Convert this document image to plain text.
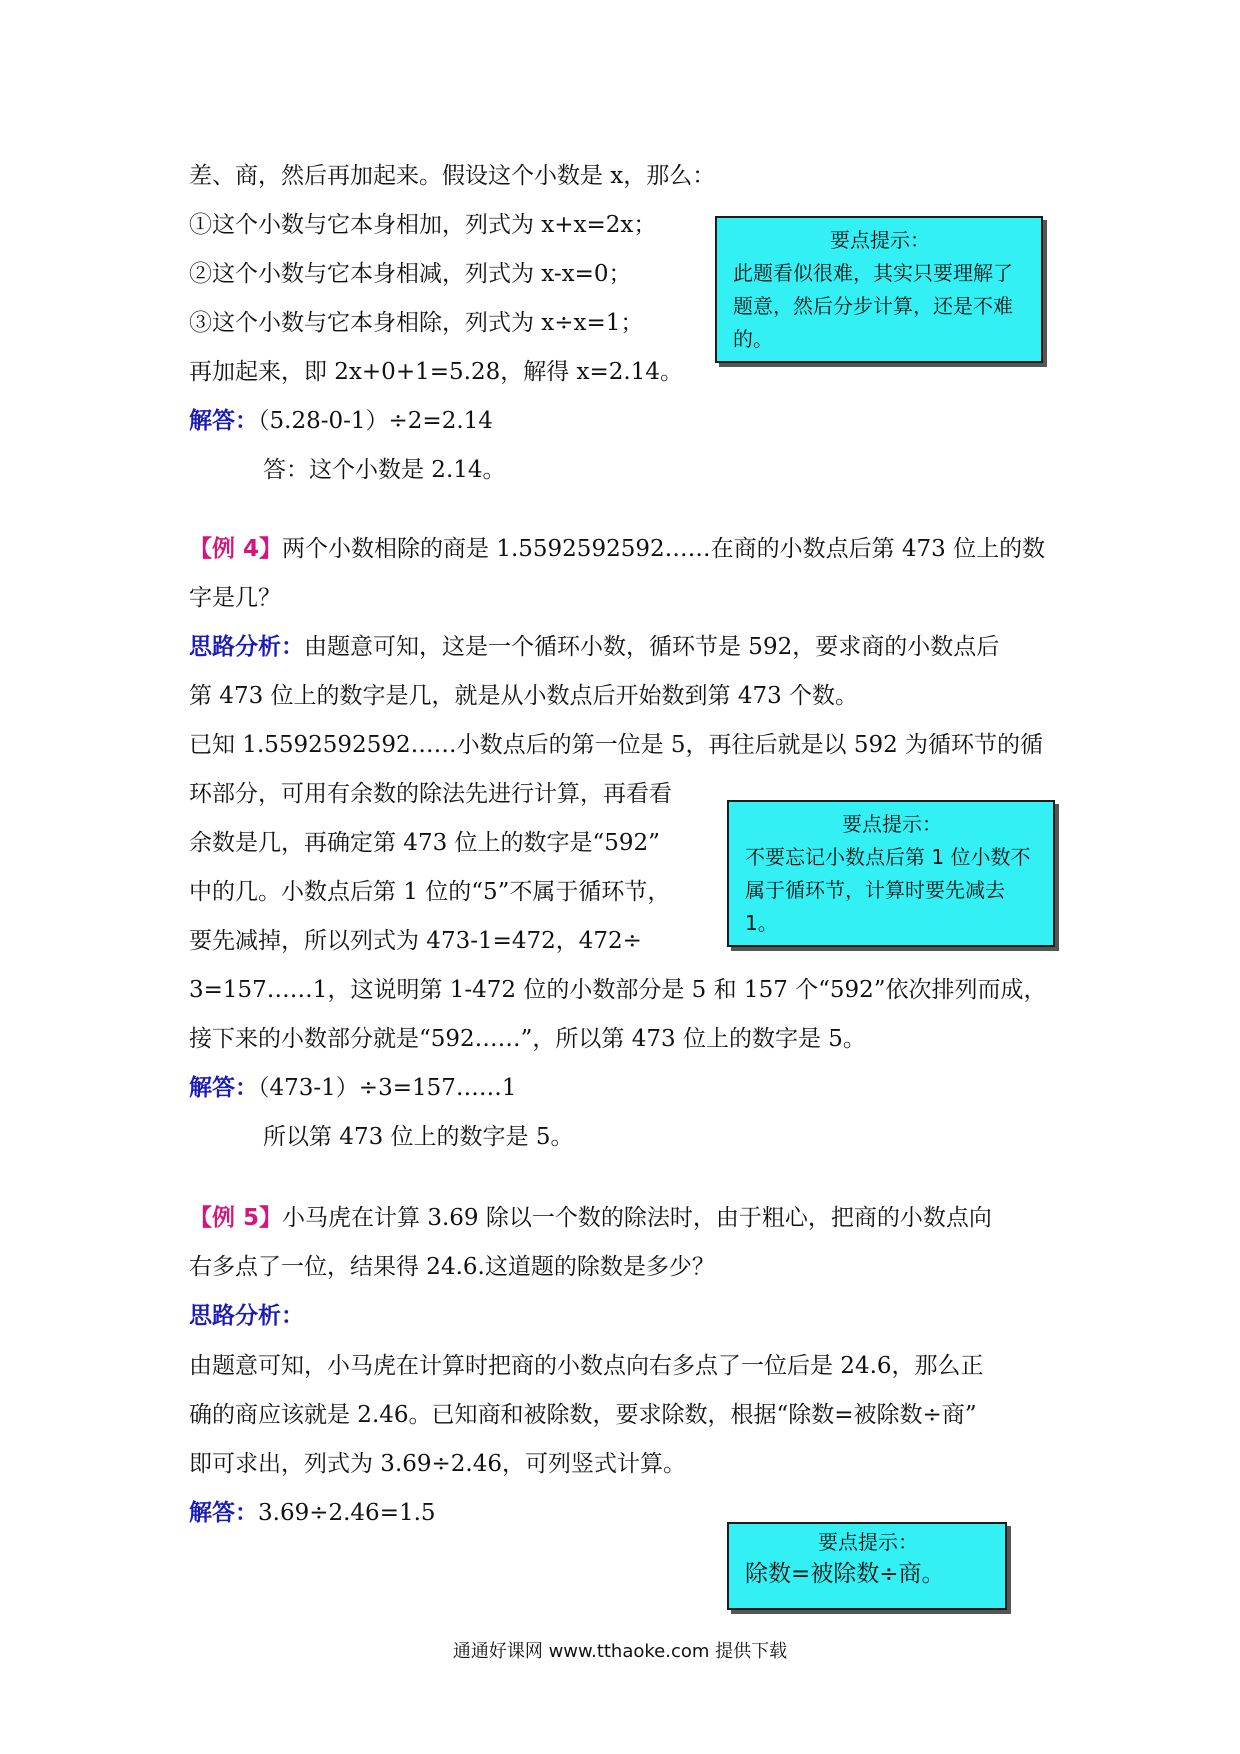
差、商，然后再加起来。假设这个小数是 x，那么：
①这个小数与它本身相加，列式为 x+x=2x；
②这个小数与它本身相减，列式为 x-x=0；
③这个小数与它本身相除，列式为 x÷x=1；
再加起来，即 2x+0+1=5.28，解得 x=2.14。
解答：（5.28-0-1）÷2=2.14
答：这个小数是 2.14。
要点提示：
此题看似很难，其实只要理解了题意，然后分步计算，还是不难的。
【例 4】两个小数相除的商是 1.5592592592……在商的小数点后第 473 位上的数
字是几？
思路分析：由题意可知，这是一个循环小数，循环节是 592，要求商的小数点后
第 473 位上的数字是几，就是从小数点后开始数到第 473 个数。
已知 1.5592592592……小数点后的第一位是 5，再往后就是以 592 为循环节的循
环部分，可用有余数的除法先进行计算，再看看
余数是几，再确定第 473 位上的数字是“592”
中的几。小数点后第 1 位的“5”不属于循环节，
要先减掉，所以列式为 473-1=472，472÷
3=157……1，这说明第 1-472 位的小数部分是 5 和 157 个“592”依次排列而成，
接下来的小数部分就是“592……”，所以第 473 位上的数字是 5。
解答：（473-1）÷3=157……1
所以第 473 位上的数字是 5。
要点提示：
不要忘记小数点后第 1 位小数不属于循环节，计算时要先减去 1。
【例 5】小马虎在计算 3.69 除以一个数的除法时，由于粗心，把商的小数点向
右多点了一位，结果得 24.6.这道题的除数是多少？
思路分析：
由题意可知，小马虎在计算时把商的小数点向右多点了一位后是 24.6，那么正
确的商应该就是 2.46。已知商和被除数，要求除数，根据“除数=被除数÷商”
即可求出，列式为 3.69÷2.46，可列竖式计算。
解答：3.69÷2.46=1.5
要点提示：
除数=被除数÷商。
通通好课网 www.tthaoke.com 提供下载
